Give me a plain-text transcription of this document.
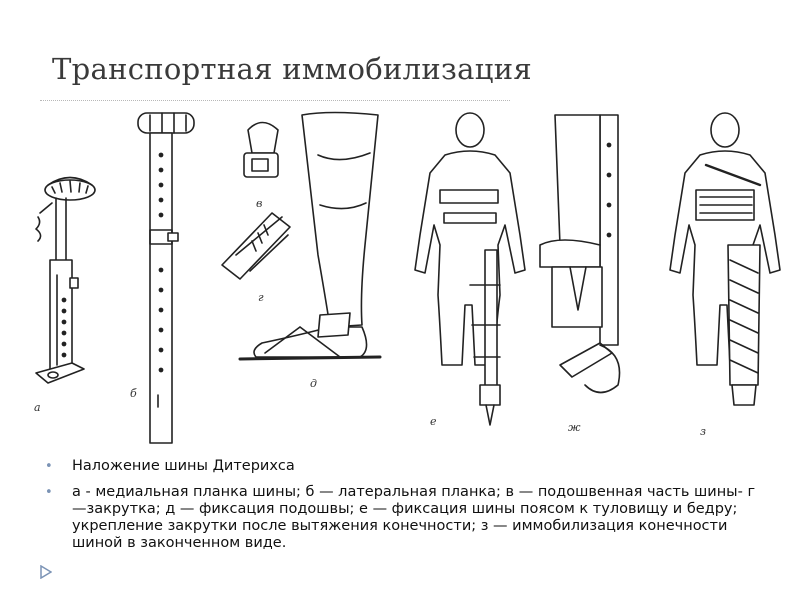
Транспортная иммобилизация
а
б
в
г
д
е	ж	з
• Наложение шины Дитерихса
• а - медиальная планка шины; б — латеральная планка; в — подошвенная часть шины- г —закрутка; д — фиксация подошвы; е — фиксация шины поясом к туловищу и бедру; укрепление закрутки после вытяжения конечности; з — иммобилизация конечности шиной в законченном виде.
